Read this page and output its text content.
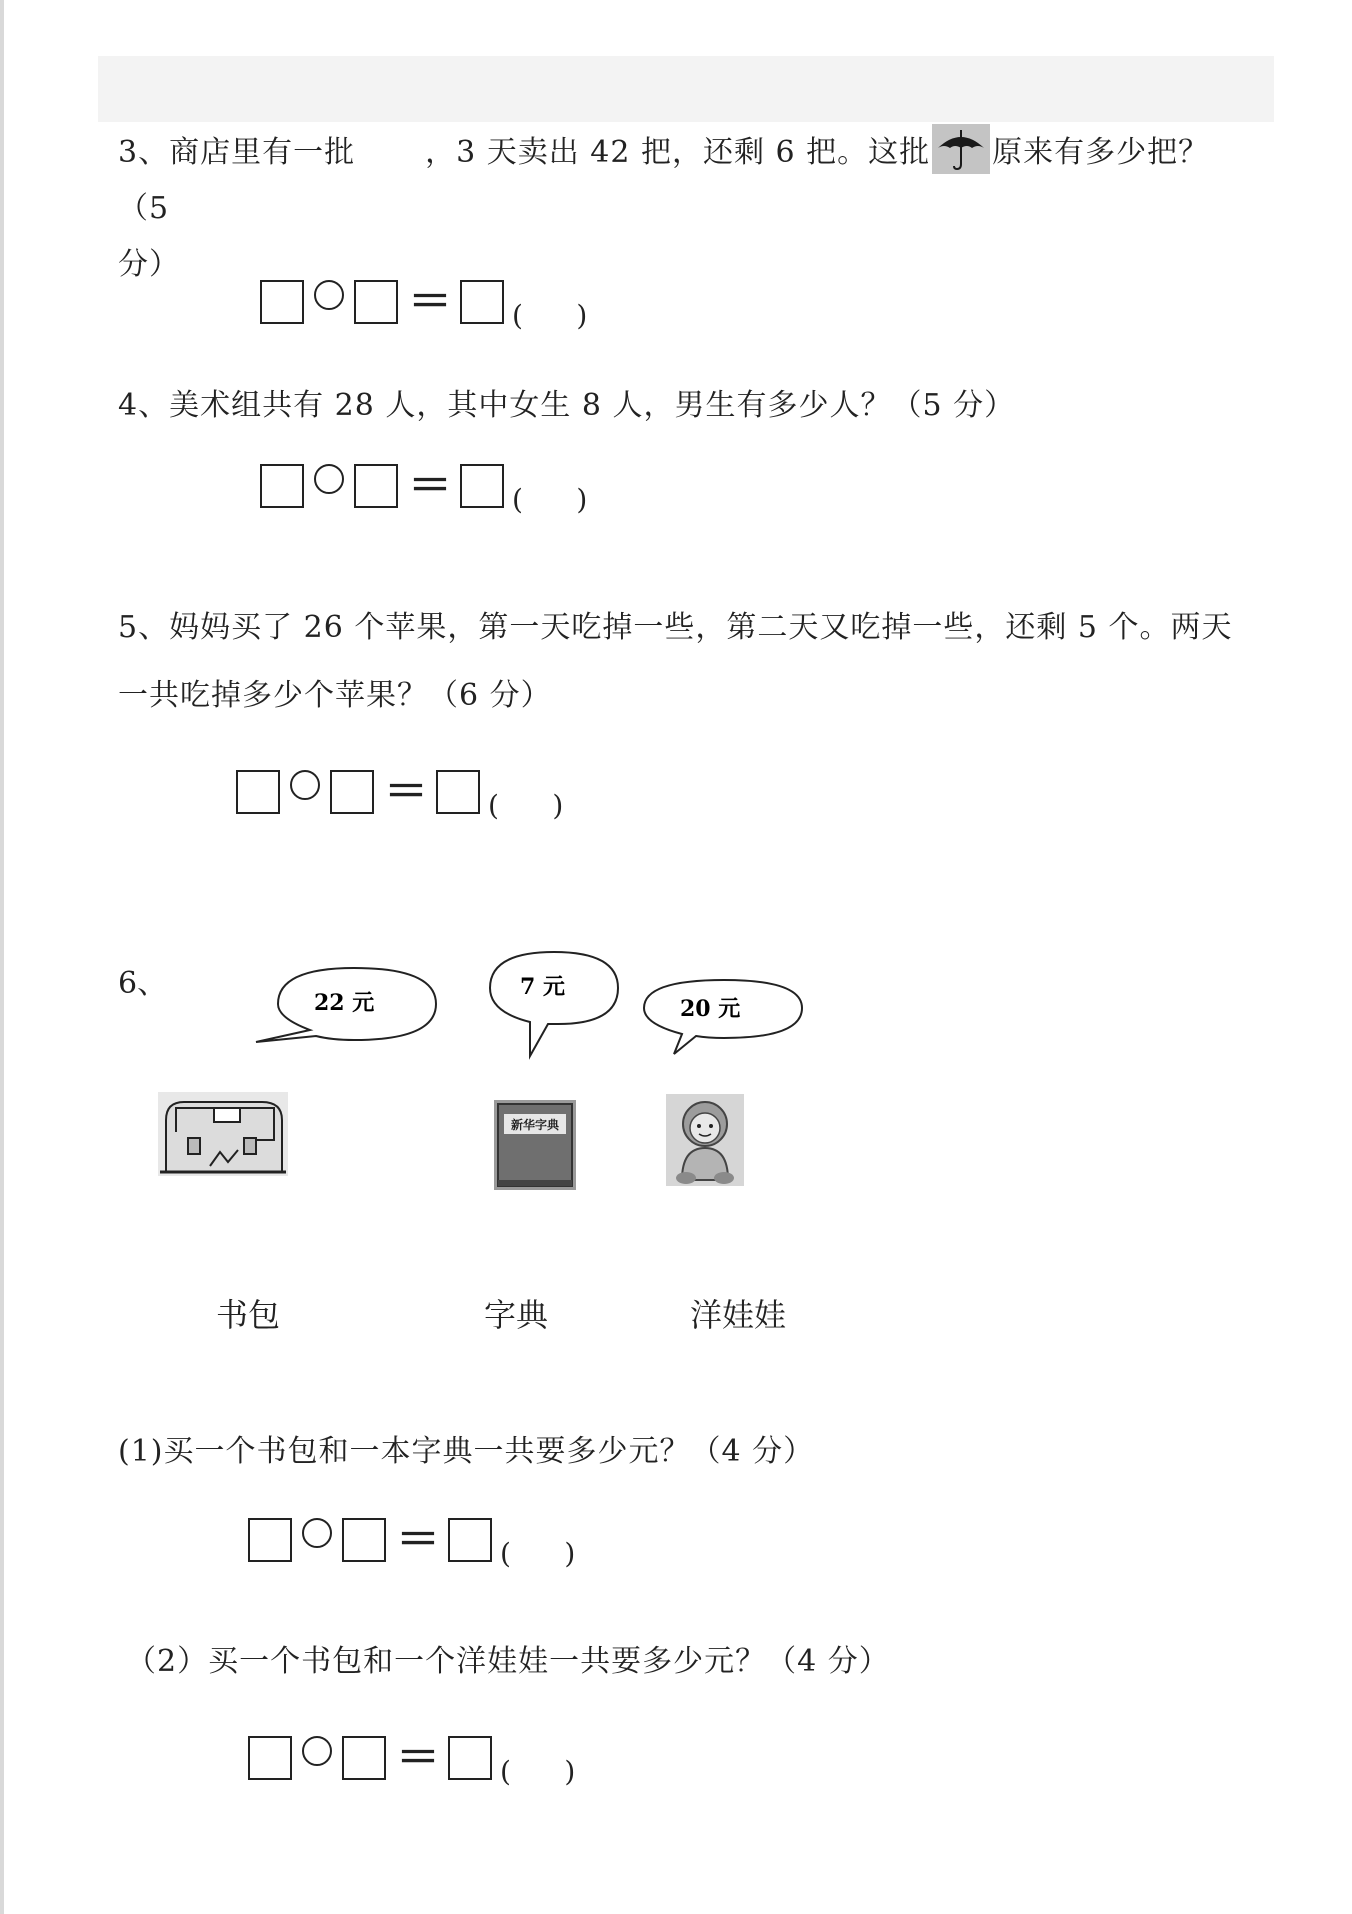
3、商店里有一批 ，3 天卖出 42 把，还剩 6 把。这批 原来有多少把？（5
分）
＝ (      )
4、美术组共有 28 人，其中女生 8 人，男生有多少人？（5 分）
＝ (      )
5、妈妈买了 26 个苹果，第一天吃掉一些，第二天又吃掉一些，还剩 5 个。两天
一共吃掉多少个苹果？（6 分）
＝ (      )
6、
22 元
7 元
20 元
新华字典
书包	字典	洋娃娃
(1)买一个书包和一本字典一共要多少元？（4 分）
＝ (      )
（2）买一个书包和一个洋娃娃一共要多少元？（4 分）
＝ (      )
